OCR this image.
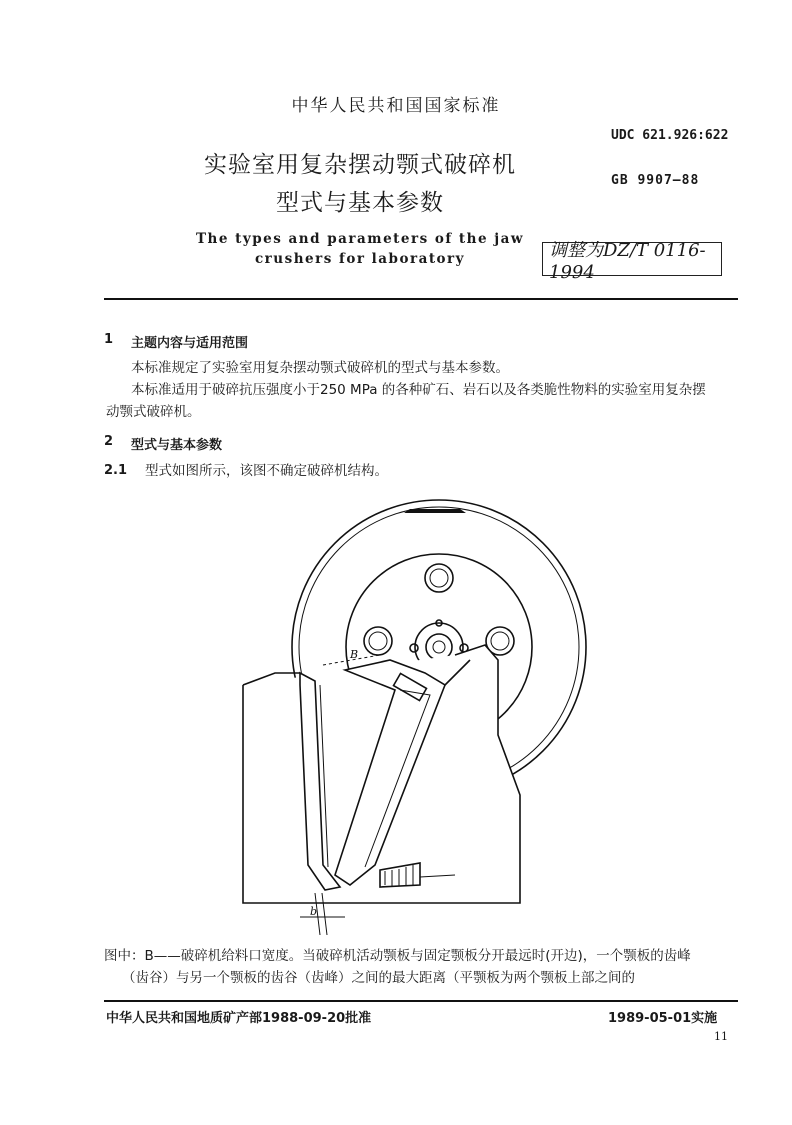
中华人民共和国国家标准
UDC 621.926:622
GB 9907—88
实验室用复杂摆动颚式破碎机
型式与基本参数
The types and parameters of the jaw
crushers for laboratory	调整为DZ/T 0116-1994
1 主题内容与适用范围
本标准规定了实验室用复杂摆动颚式破碎机的型式与基本参数。
本标准适用于破碎抗压强度小于250 MPa 的各种矿石、岩石以及各类脆性物料的实验室用复杂摆
动颚式破碎机。
2 型式与基本参数
2.1 型式如图所示，该图不确定破碎机结构。
B
b
图中：B——破碎机给料口宽度。当破碎机活动颚板与固定颚板分开最远时(开边)，一个颚板的齿峰
（齿谷）与另一个颚板的齿谷（齿峰）之间的最大距离（平颚板为两个颚板上部之间的
中华人民共和国地质矿产部1988-09-20批准	1989-05-01实施
11
